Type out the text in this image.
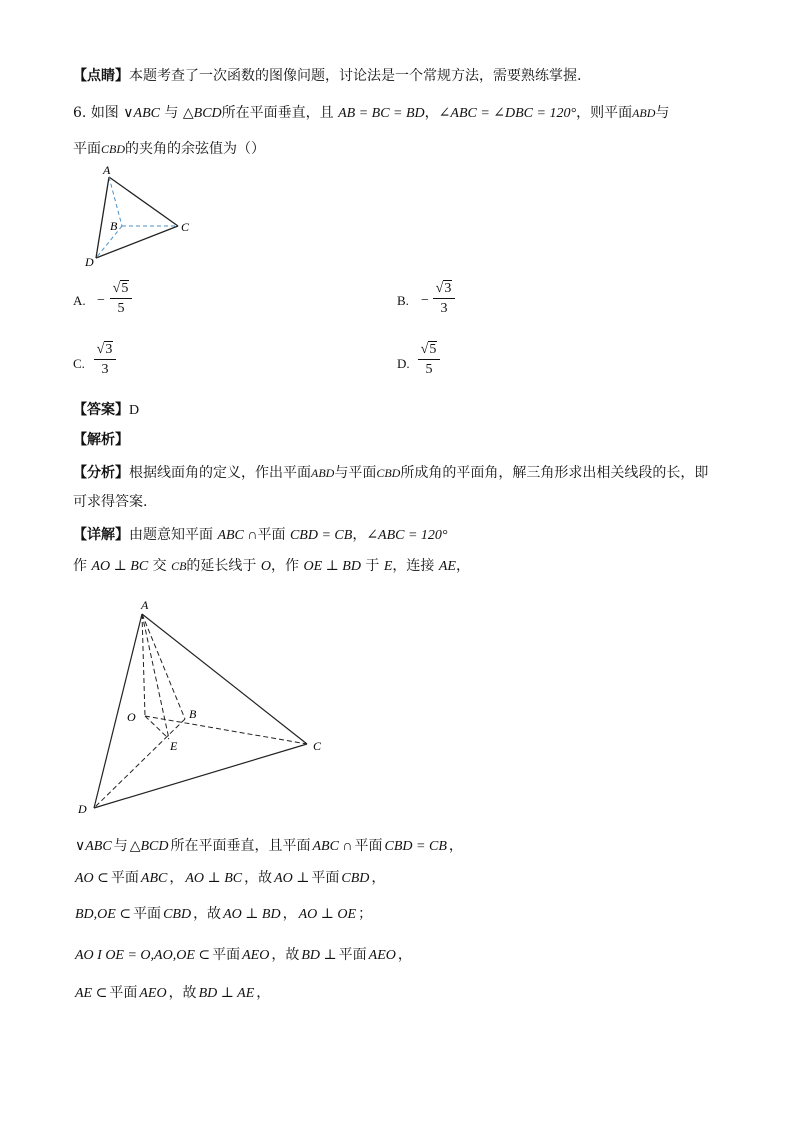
【点睛】本题考查了一次函数的图像问题，讨论法是一个常规方法，需要熟练掌握.
6. 如图 ∨ABC 与 △BCD所在平面垂直，且 AB = BC = BD，∠ABC = ∠DBC = 120°，则平面ABD与
平面CBD的夹角的余弦值为（）
A
B	C
D
A. −
√5
5
B. −
√3
3
C.
√3
3	D.
√5
5
【答案】D
【解析】
【分析】根据线面角的定义，作出平面ABD与平面CBD所成角的平面角，解三角形求出相关线段的长，即
可求得答案.
【详解】由题意知平面 ABC ∩平面 CBD = CB，∠ABC = 120°
作 AO ⊥ BC 交 CB的延长线于 O，作 OE ⊥ BD 于 E，连接 AE，
A
O	B
E	C
D
∨ABC 与 △BCD 所在平面垂直，且平面 ABC ∩ 平面 CBD = CB ，
AO ⊂ 平面 ABC ， AO ⊥ BC ，故 AO ⊥ 平面 CBD ，
BD,OE ⊂ 平面 CBD ，故 AO ⊥ BD ， AO ⊥ OE ；
AO I OE = O,AO,OE ⊂ 平面 AEO ，故 BD ⊥ 平面 AEO ，
AE ⊂ 平面 AEO ，故 BD ⊥ AE ，
